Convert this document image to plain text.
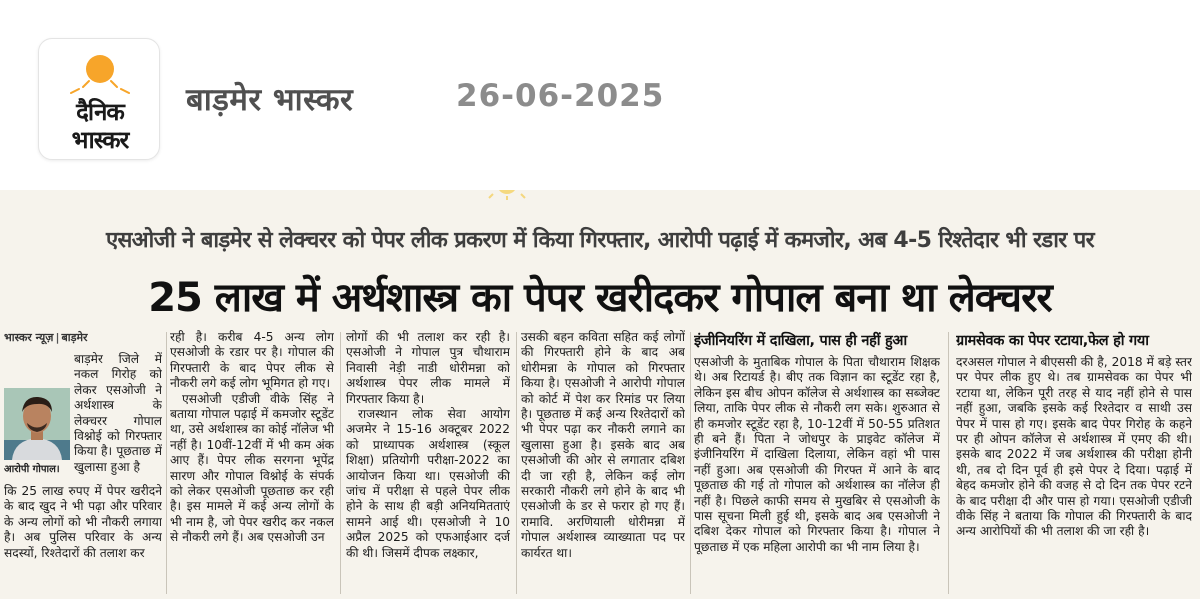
दैनिक
भास्कर
बाड़मेर भास्कर	26-06-2025
एसओजी ने बाड़मेर से लेक्चरर को पेपर लीक प्रकरण में किया गिरफ्तार, आरोपी पढ़ाई में कमजोर, अब 4-5 रिश्तेदार भी रडार पर
25 लाख में अर्थशास्त्र का पेपर खरीदकर गोपाल बना था लेक्चरर
भास्कर न्यूज़ | बाड़मेर
बाड़मेर जिले में नकल गिरोह को लेकर एसओजी ने अर्थशास्त्र के लेक्चरर गोपाल विश्नोई को गिरफ्तार किया है। पूछताछ में खुलासा हुआ है
आरोपी गोपाल।
कि 25 लाख रुपए में पेपर खरीदने के बाद खुद ने भी पढ़ा और परिवार के अन्य लोगों को भी नौकरी लगाया है। अब पुलिस परिवार के अन्य सदस्यों, रिश्तेदारों की तलाश कर
रही है। करीब 4-5 अन्य लोग एसओजी के रडार पर है। गोपाल की गिरफ्तारी के बाद पेपर लीक से नौकरी लगे कई लोग भूमिगत हो गए।
एसओजी एडीजी वीके सिंह ने बताया गोपाल पढ़ाई में कमजोर स्टूडेंट था, उसे अर्थशास्त्र का कोई नॉलेज भी नहीं है। 10वीं-12वीं में भी कम अंक आए हैं। पेपर लीक सरगना भूपेंद्र सारण और गोपाल विश्नोई के संपर्क को लेकर एसओजी पूछताछ कर रही है। इस मामले में कई अन्य लोगों के भी नाम है, जो पेपर खरीद कर नकल से नौकरी लगे हैं। अब एसओजी उन
लोगों की भी तलाश कर रही है। एसओजी ने गोपाल पुत्र चौथाराम निवासी नेड़ी नाडी धोरीमन्ना को अर्थशास्त्र पेपर लीक मामले में गिरफ्तार किया है।
राजस्थान लोक सेवा आयोग अजमेर ने 15-16 अक्टूबर 2022 को प्राध्यापक अर्थशास्त्र (स्कूल शिक्षा) प्रतियोगी परीक्षा-2022 का आयोजन किया था। एसओजी की जांच में परीक्षा से पहले पेपर लीक होने के साथ ही बड़ी अनियमितताएं सामने आई थी। एसओजी ने 10 अप्रैल 2025 को एफआईआर दर्ज की थी। जिसमें दीपक लक्ष्कार,
उसकी बहन कविता सहित कई लोगों की गिरफ्तारी होने के बाद अब धोरीमन्ना के गोपाल को गिरफ्तार किया है। एसओजी ने आरोपी गोपाल को कोर्ट में पेश कर रिमांड पर लिया है। पूछताछ में कई अन्य रिश्तेदारों को भी पेपर पढ़ा कर नौकरी लगाने का खुलासा हुआ है। इसके बाद अब एसओजी की ओर से लगातार दबिश दी जा रही है, लेकिन कई लोग सरकारी नौकरी लगे होने के बाद भी एसओजी के डर से फरार हो गए हैं। रामावि. अरणियाली धोरीमन्ना में गोपाल अर्थशास्त्र व्याख्याता पद पर कार्यरत था।
इंजीनियरिंग में दाखिला, पास ही नहीं हुआ
एसओजी के मुताबिक गोपाल के पिता चौथाराम शिक्षक थे। अब रिटायर्ड है। बीए तक विज्ञान का स्टूडेंट रहा है, लेकिन इस बीच ओपन कॉलेज से अर्थशास्त्र का सब्जेक्ट लिया, ताकि पेपर लीक से नौकरी लग सके। शुरुआत से ही कमजोर स्टूडेंट रहा है, 10-12वीं में 50-55 प्रतिशत ही बने हैं। पिता ने जोधपुर के प्राइवेट कॉलेज में इंजीनियरिंग में दाखिला दिलाया, लेकिन वहां भी पास नहीं हुआ। अब एसओजी की गिरफ्त में आने के बाद पूछताछ की गई तो गोपाल को अर्थशास्त्र का नॉलेज ही नहीं है। पिछले काफी समय से मुखबिर से एसओजी के पास सूचना मिली हुई थी, इसके बाद अब एसओजी ने दबिश देकर गोपाल को गिरफ्तार किया है। गोपाल ने पूछताछ में एक महिला आरोपी का भी नाम लिया है।
ग्रामसेवक का पेपर रटाया,फेल हो गया
दरअसल गोपाल ने बीएससी की है, 2018 में बड़े स्तर पर पेपर लीक हुए थे। तब ग्रामसेवक का पेपर भी रटाया था, लेकिन पूरी तरह से याद नहीं होने से पास नहीं हुआ, जबकि इसके कई रिश्तेदार व साथी उस पेपर में पास हो गए। इसके बाद पेपर गिरोह के कहने पर ही ओपन कॉलेज से अर्थशास्त्र में एमए की थी। इसके बाद 2022 में जब अर्थशास्त्र की परीक्षा होनी थी, तब दो दिन पूर्व ही इसे पेपर दे दिया। पढ़ाई में बेहद कमजोर होने की वजह से दो दिन तक पेपर रटने के बाद परीक्षा दी और पास हो गया। एसओजी एडीजी वीके सिंह ने बताया कि गोपाल की गिरफ्तारी के बाद अन्य आरोपियों की भी तलाश की जा रही है।
